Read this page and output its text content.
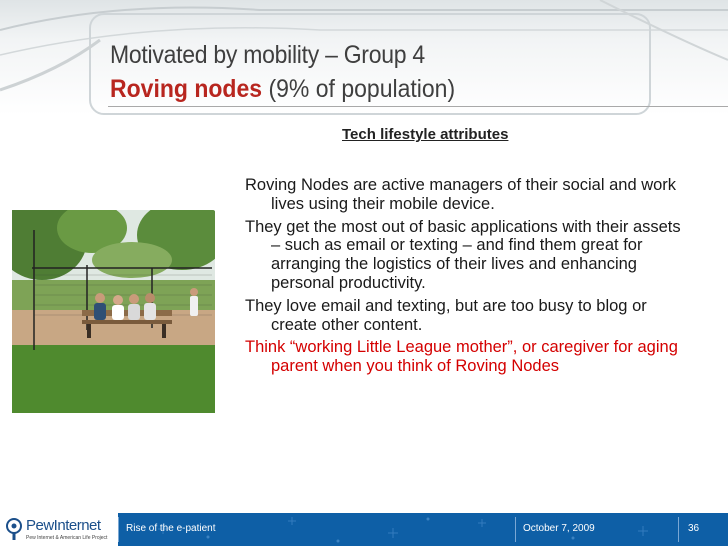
Motivated by mobility – Group 4
Roving nodes (9% of population)
Tech lifestyle attributes
Roving Nodes are active managers of their social and work lives using their mobile device.
They get the most out of basic applications with their assets – such as email or texting – and find them great for arranging the logistics of their lives and enhancing personal productivity.
They love email and texting, but are too busy to blog or create other content.
Think “working Little League mother”, or caregiver for aging parent when you think of Roving Nodes
PewInternet
Pew Internet & American Life Project
Rise of the e-patient	October 7, 2009	36
